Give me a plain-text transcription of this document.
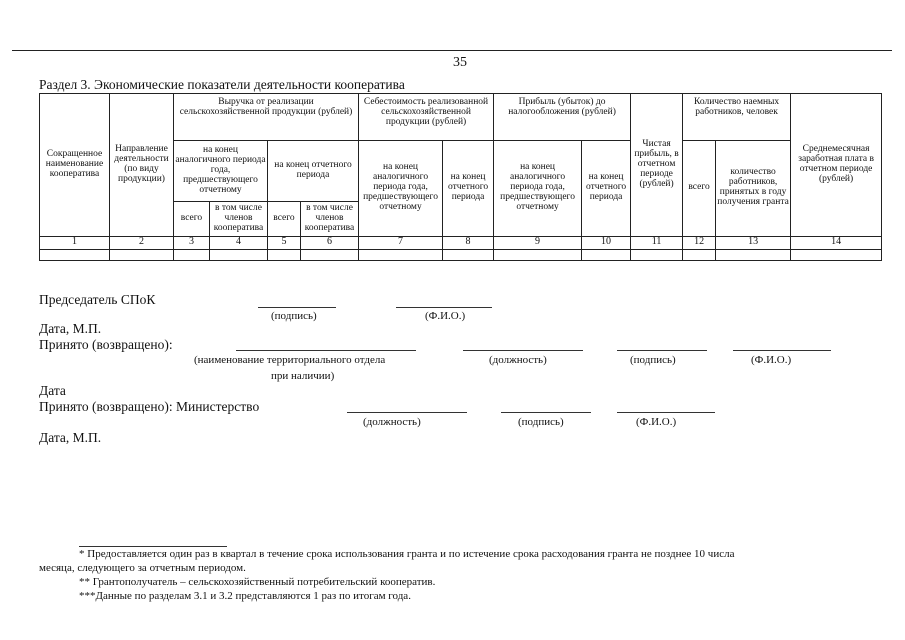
35
Раздел 3. Экономические показатели деятельности кооператива
Сокращенное наименование кооператива	Направление деятельности (по виду продукции)	Выручка от реализации сельскохозяйственной продукции (рублей)				Себестоимость реализованной сельскохозяйственной продукции (рублей)		Прибыль (убыток) до налогообложения (рублей)		Чистая прибыль, в отчетном периоде (рублей)	Количество наемных работников, человек		Среднемесячная заработная плата в отчетном периоде (рублей)
		на конец аналогичного периода года, предшествующего отчетному		на конец отчетного периода		на конец аналогичного периода года, предшествующего отчетному	на конец отчетного периода	на конец аналогичного периода года, предшествующего отчетному	на конец отчетного периода		всего	количество работников, принятых в году получения гранта	
		всего	в том числе членов кооператива	всего	в том числе членов кооператива								
1	2	3	4	5	6	7	8	9	10	11	12	13	14

Председатель СПоК
(подпись)	(Ф.И.О.)
Дата, М.П.
Принято (возвращено):
(наименование территориального отдела	(должность)	(подпись)	(Ф.И.О.)
при наличии)
Дата
Принято (возвращено): Министерство
(должность)	(подпись)	(Ф.И.О.)
Дата, М.П.
* Предоставляется один раз в квартал в течение срока использования гранта и по истечение срока расходования гранта не позднее 10 числа
месяца, следующего за отчетным периодом.
** Грантополучатель – сельскохозяйственный потребительский кооператив.
***Данные по разделам 3.1 и 3.2 представляются 1 раз по итогам года.
